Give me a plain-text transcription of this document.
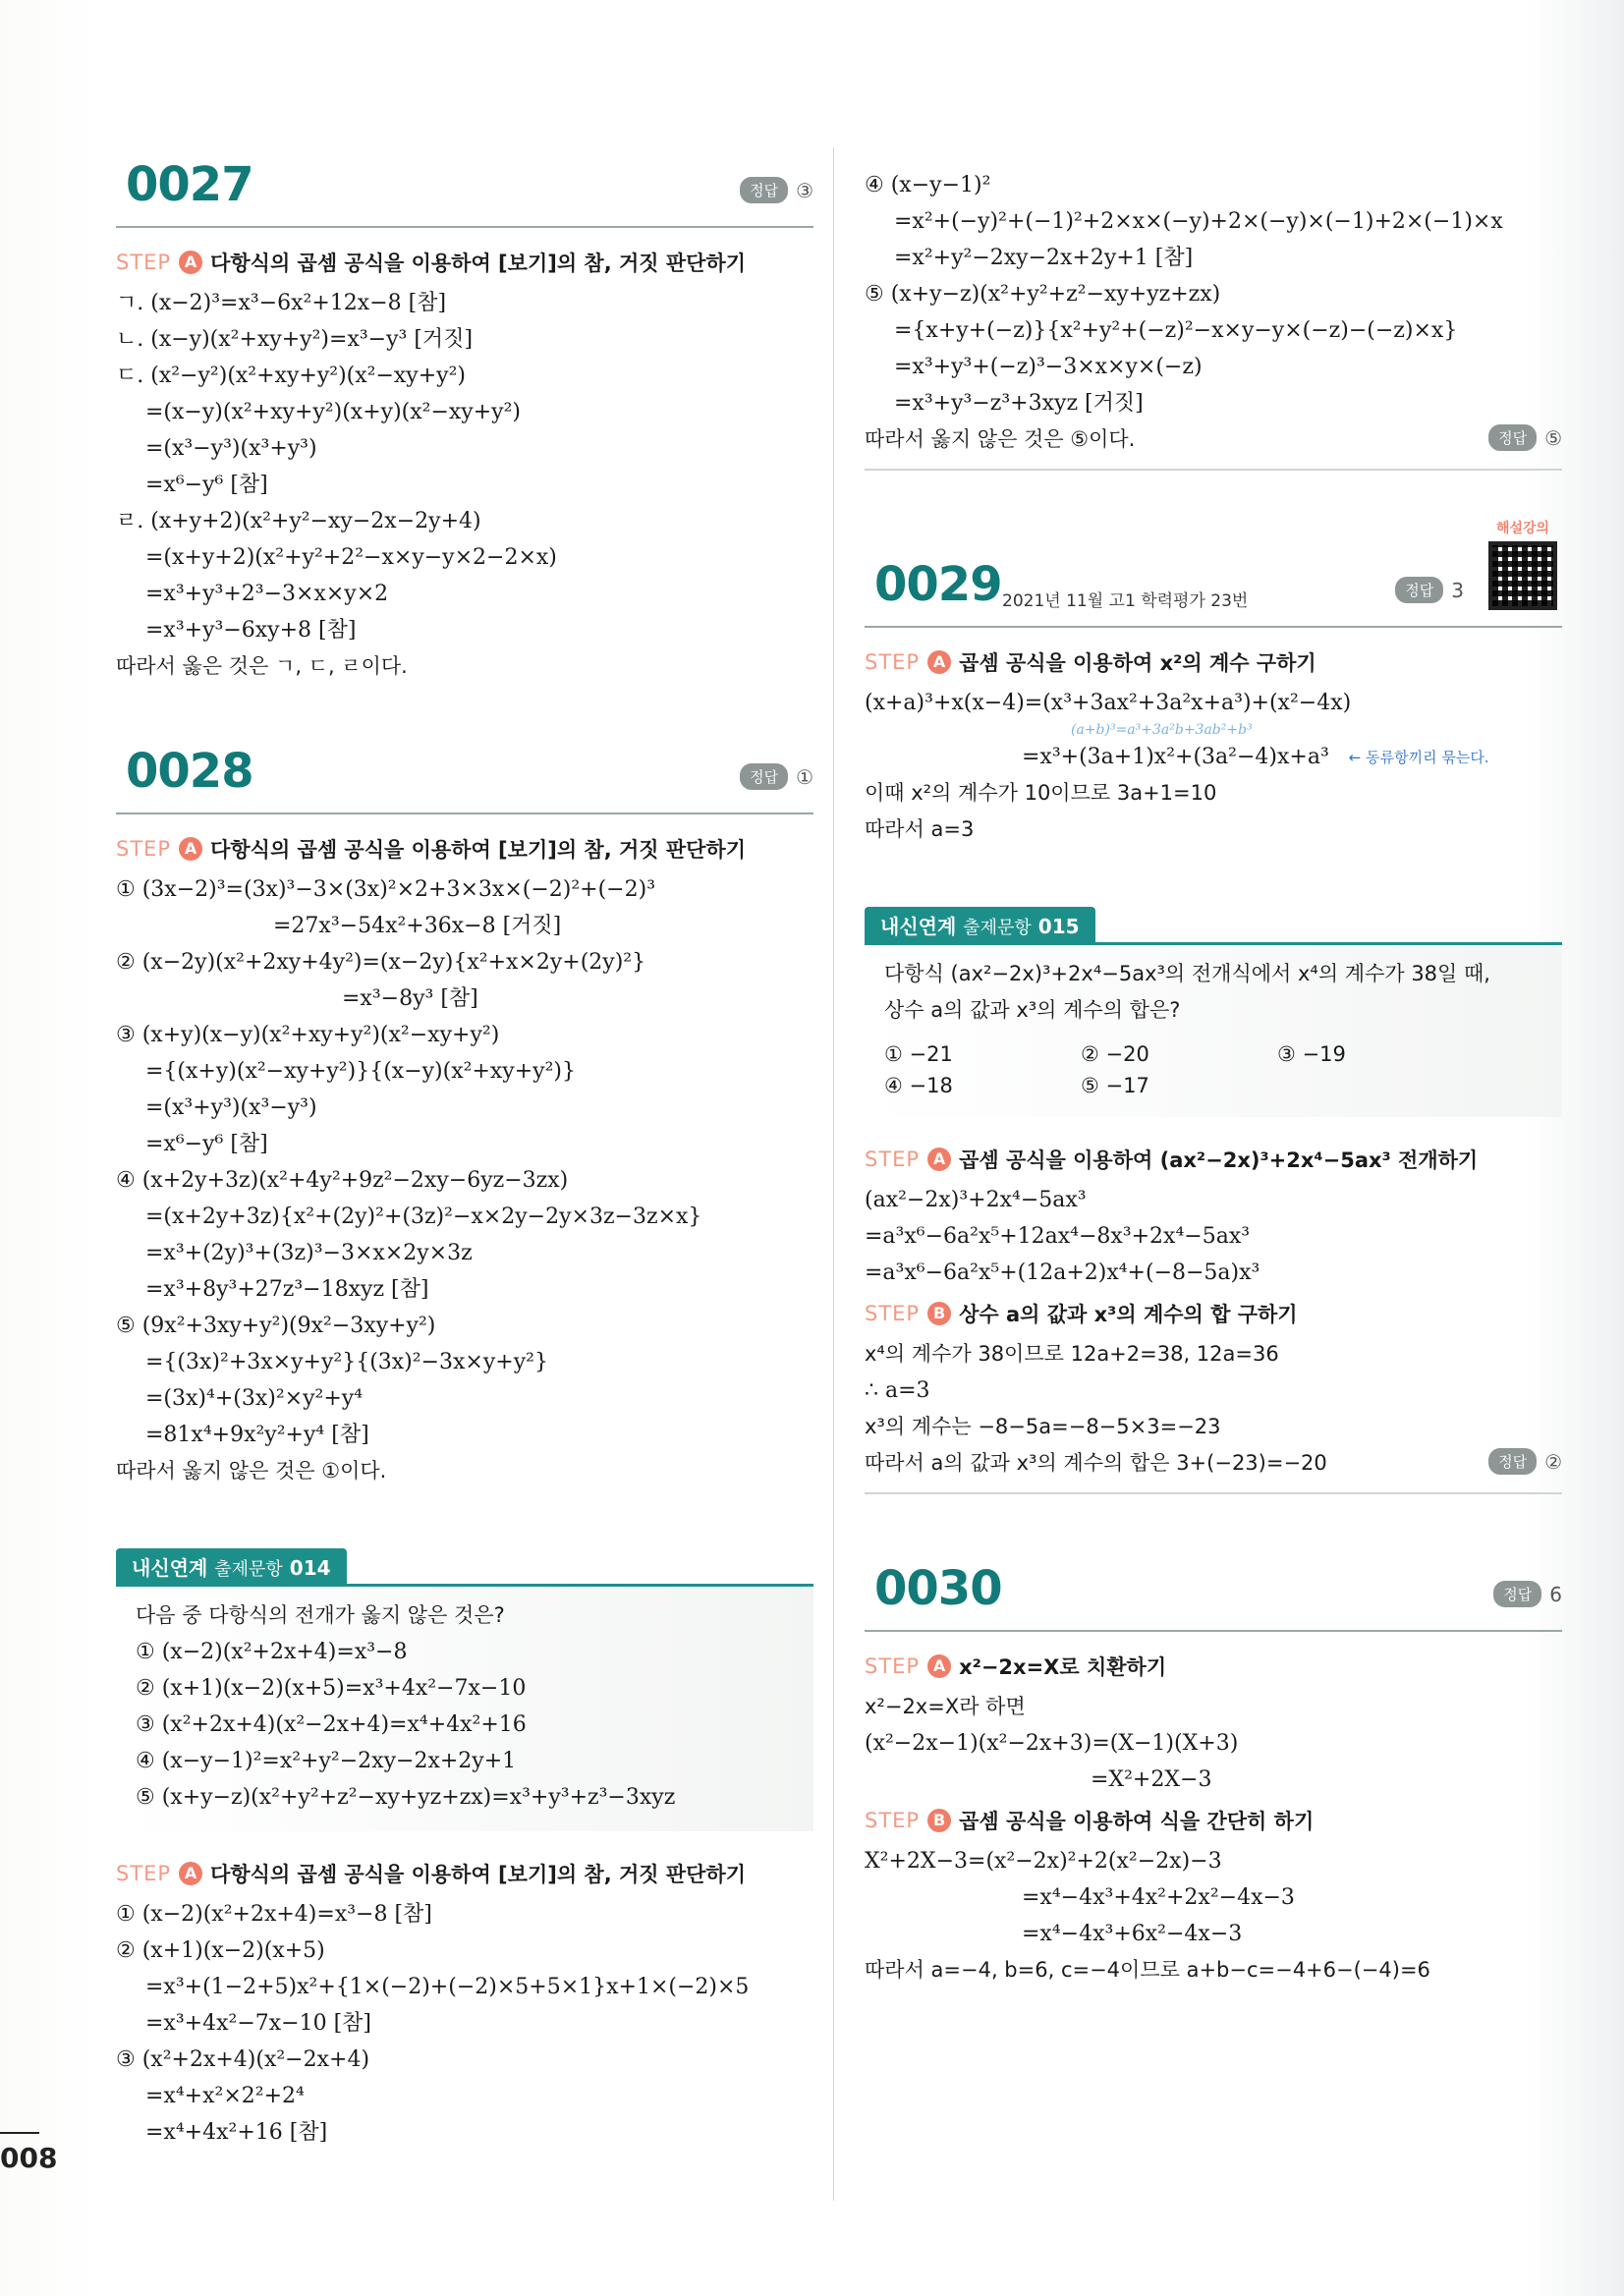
0027	정답 ③
STEP A 다항식의 곱셈 공식을 이용하여 [보기]의 참, 거짓 판단하기
ㄱ. (x−2)³=x³−6x²+12x−8 [참]
ㄴ. (x−y)(x²+xy+y²)=x³−y³ [거짓]
ㄷ. (x²−y²)(x²+xy+y²)(x²−xy+y²)
=(x−y)(x²+xy+y²)(x+y)(x²−xy+y²)
=(x³−y³)(x³+y³)
=x⁶−y⁶ [참]
ㄹ. (x+y+2)(x²+y²−xy−2x−2y+4)
=(x+y+2)(x²+y²+2²−x×y−y×2−2×x)
=x³+y³+2³−3×x×y×2
=x³+y³−6xy+8 [참]
따라서 옳은 것은 ㄱ, ㄷ, ㄹ이다.
0028	정답 ①
STEP A 다항식의 곱셈 공식을 이용하여 [보기]의 참, 거짓 판단하기
① (3x−2)³=(3x)³−3×(3x)²×2+3×3x×(−2)²+(−2)³
=27x³−54x²+36x−8 [거짓]
② (x−2y)(x²+2xy+4y²)=(x−2y){x²+x×2y+(2y)²}
=x³−8y³ [참]
③ (x+y)(x−y)(x²+xy+y²)(x²−xy+y²)
={(x+y)(x²−xy+y²)}{(x−y)(x²+xy+y²)}
=(x³+y³)(x³−y³)
=x⁶−y⁶ [참]
④ (x+2y+3z)(x²+4y²+9z²−2xy−6yz−3zx)
=(x+2y+3z){x²+(2y)²+(3z)²−x×2y−2y×3z−3z×x}
=x³+(2y)³+(3z)³−3×x×2y×3z
=x³+8y³+27z³−18xyz [참]
⑤ (9x²+3xy+y²)(9x²−3xy+y²)
={(3x)²+3x×y+y²}{(3x)²−3x×y+y²}
=(3x)⁴+(3x)²×y²+y⁴
=81x⁴+9x²y²+y⁴ [참]
따라서 옳지 않은 것은 ①이다.
내신연계 출제문항 014
다음 중 다항식의 전개가 옳지 않은 것은?
① (x−2)(x²+2x+4)=x³−8
② (x+1)(x−2)(x+5)=x³+4x²−7x−10
③ (x²+2x+4)(x²−2x+4)=x⁴+4x²+16
④ (x−y−1)²=x²+y²−2xy−2x+2y+1
⑤ (x+y−z)(x²+y²+z²−xy+yz+zx)=x³+y³+z³−3xyz
STEP A 다항식의 곱셈 공식을 이용하여 [보기]의 참, 거짓 판단하기
① (x−2)(x²+2x+4)=x³−8 [참]
② (x+1)(x−2)(x+5)
=x³+(1−2+5)x²+{1×(−2)+(−2)×5+5×1}x+1×(−2)×5
=x³+4x²−7x−10 [참]
③ (x²+2x+4)(x²−2x+4)
=x⁴+x²×2²+2⁴
=x⁴+4x²+16 [참]
④ (x−y−1)²
=x²+(−y)²+(−1)²+2×x×(−y)+2×(−y)×(−1)+2×(−1)×x
=x²+y²−2xy−2x+2y+1 [참]
⑤ (x+y−z)(x²+y²+z²−xy+yz+zx)
={x+y+(−z)}{x²+y²+(−z)²−x×y−y×(−z)−(−z)×x}
=x³+y³+(−z)³−3×x×y×(−z)
=x³+y³−z³+3xyz [거짓]
따라서 옳지 않은 것은 ⑤이다.	정답 ⑤
0029 2021년 11월 고1 학력평가 23번
정답 3
해설강의
STEP A 곱셈 공식을 이용하여 x²의 계수 구하기
(x+a)³+x(x−4)=(x³+3ax²+3a²x+a³)+(x²−4x)
(a+b)³=a³+3a²b+3ab²+b³
=x³+(3a+1)x²+(3a²−4)x+a³ ← 동류항끼리 묶는다.
이때 x²의 계수가 10이므로 3a+1=10
따라서 a=3
내신연계 출제문항 015
다항식 (ax²−2x)³+2x⁴−5ax³의 전개식에서 x⁴의 계수가 38일 때,
상수 a의 값과 x³의 계수의 합은?
① −21	② −20	③ −19
④ −18	⑤ −17
STEP A 곱셈 공식을 이용하여 (ax²−2x)³+2x⁴−5ax³ 전개하기
(ax²−2x)³+2x⁴−5ax³
=a³x⁶−6a²x⁵+12ax⁴−8x³+2x⁴−5ax³
=a³x⁶−6a²x⁵+(12a+2)x⁴+(−8−5a)x³
STEP B 상수 a의 값과 x³의 계수의 합 구하기
x⁴의 계수가 38이므로 12a+2=38, 12a=36
∴ a=3
x³의 계수는 −8−5a=−8−5×3=−23
따라서 a의 값과 x³의 계수의 합은 3+(−23)=−20	정답 ②
0030	정답 6
STEP A x²−2x=X로 치환하기
x²−2x=X라 하면
(x²−2x−1)(x²−2x+3)=(X−1)(X+3)
=X²+2X−3
STEP B 곱셈 공식을 이용하여 식을 간단히 하기
X²+2X−3=(x²−2x)²+2(x²−2x)−3
=x⁴−4x³+4x²+2x²−4x−3
=x⁴−4x³+6x²−4x−3
따라서 a=−4, b=6, c=−4이므로 a+b−c=−4+6−(−4)=6
008
